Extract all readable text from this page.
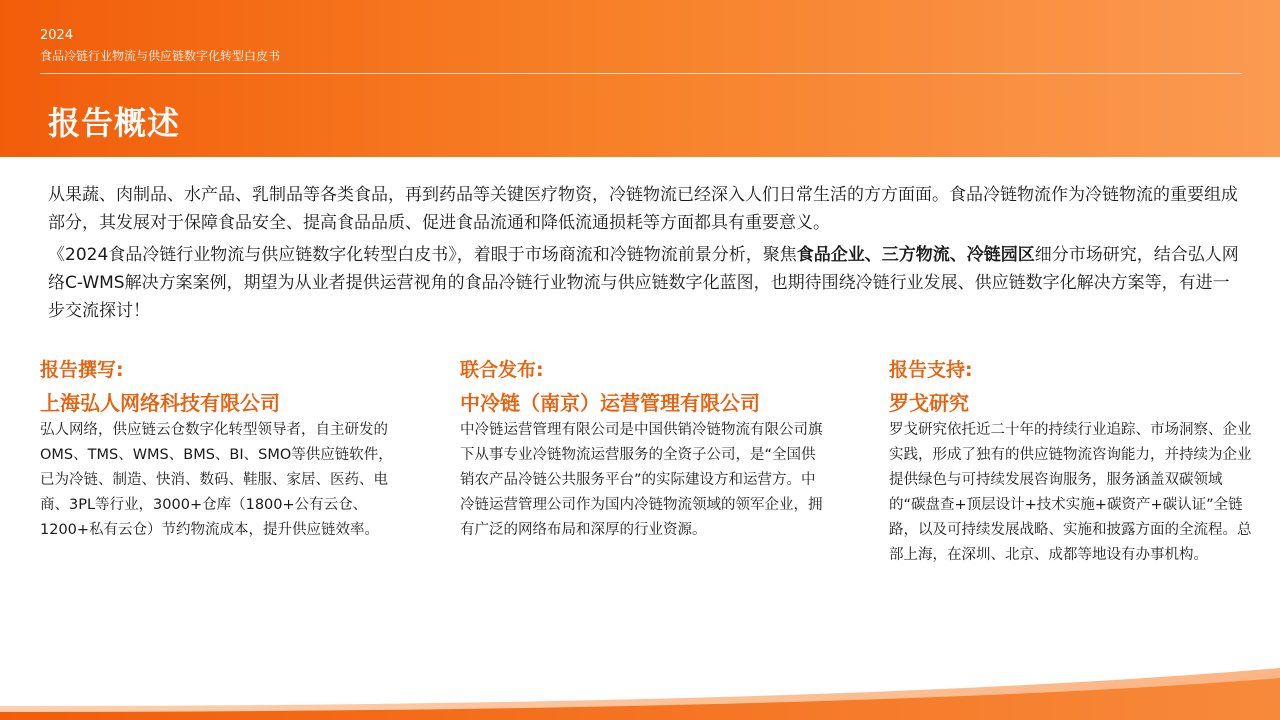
2024
食品冷链行业物流与供应链数字化转型白皮书
报告概述

从果蔬、肉制品、水产品、乳制品等各类食品，再到药品等关键医疗物资，冷链物流已经深入人们日常生活的方方面面。食品冷链物流作为冷链物流的重要组成部分，其发展对于保障食品安全、提高食品品质、促进食品流通和降低流通损耗等方面都具有重要意义。

《2024食品冷链行业物流与供应链数字化转型白皮书》，着眼于市场商流和冷链物流前景分析，聚焦食品企业、三方物流、冷链园区细分市场研究，结合弘人网络C-WMS解决方案案例，期望为从业者提供运营视角的食品冷链行业物流与供应链数字化蓝图，也期待围绕冷链行业发展、供应链数字化解决方案等，有进一步交流探讨！

报告撰写:
上海弘人网络科技有限公司
弘人网络，供应链云仓数字化转型领导者，自主研发的OMS、TMS、WMS、BMS、BI、SMO等供应链软件，已为冷链、制造、快消、数码、鞋服、家居、医药、电商、3PL等行业，3000+仓库（1800+公有云仓、1200+私有云仓）节约物流成本，提升供应链效率。
联合发布:
中冷链（南京）运营管理有限公司
中冷链运营管理有限公司是中国供销冷链物流有限公司旗下从事专业冷链物流运营服务的全资子公司，是“全国供销农产品冷链公共服务平台”的实际建设方和运营方。中冷链运营管理公司作为国内冷链物流领域的领军企业，拥有广泛的网络布局和深厚的行业资源。
报告支持:
罗戈研究
罗戈研究依托近二十年的持续行业追踪、市场洞察、企业实践，形成了独有的供应链物流咨询能力，并持续为企业提供绿色与可持续发展咨询服务，服务涵盖双碳领域的“碳盘查+顶层设计+技术实施+碳资产+碳认证”全链路，以及可持续发展战略、实施和披露方面的全流程。总部上海，在深圳、北京、成都等地设有办事机构。
